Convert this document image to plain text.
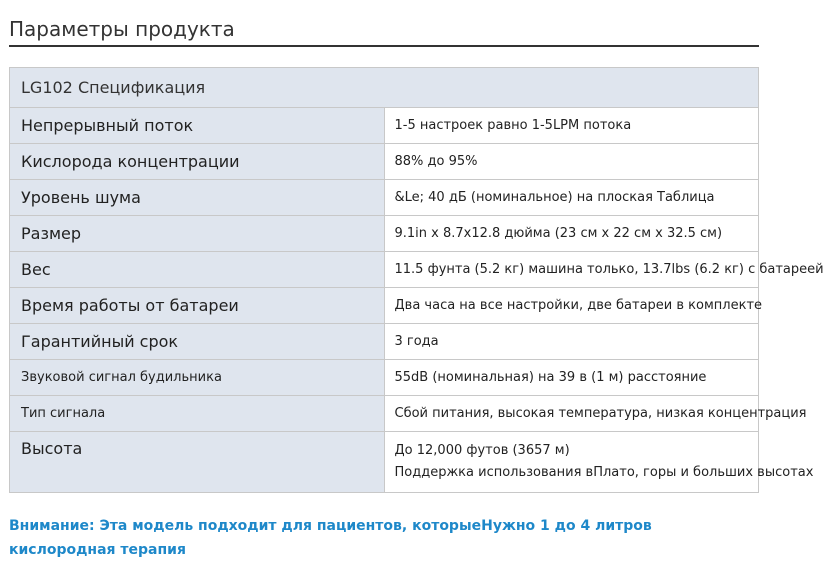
Параметры продукта
LG102 Спецификация	
Непрерывный поток	1-5 настроек равно 1-5LPM потока
Кислорода концентрации	88% до 95%
Уровень шума	&Le; 40 дБ (номинальное) на плоская Таблица
Размер	9.1in x 8.7x12.8 дюйма (23 см x 22 см x 32.5 см)
Вес	11.5 фунта (5.2 кг) машина только, 13.7lbs (6.2 кг) с батареей
Время работы от батареи	Два часа на все настройки, две батареи в комплекте
Гарантийный срок	3 года
Звуковой сигнал будильника	55dB (номинальная) на 39 в (1 м) расстояние
Тип сигнала	Сбой питания, высокая температура, низкая концентрация
Высота	До 12,000 футов (3657 м)
Поддержка использования вПлато, горы и больших высотах
Внимание: Эта модель подходит для пациентов, которыеНужно 1 до 4 литров кислородная терапия
